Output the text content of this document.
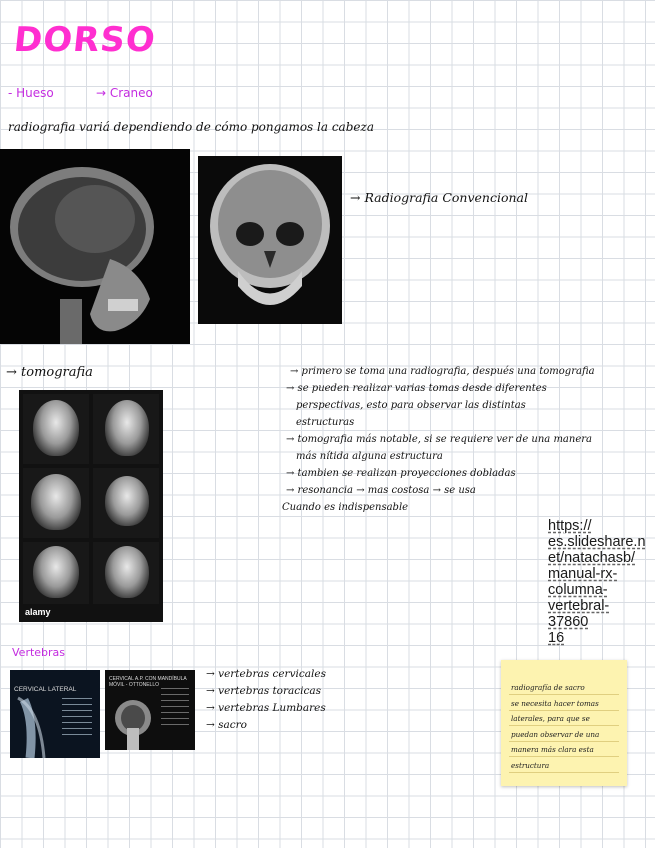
DORSO
- Hueso	→ Craneo
radiografia variá dependiendo de cómo pongamos la cabeza
→ Radiografia Convencional
→ tomografia
alamy
→ primero se toma una radiografia, después una tomografia
→ se pueden realizar varias tomas desde diferentes
perspectivas, esto para observar las distintas
estructuras
→ tomografia más notable, si se requiere ver de una manera
más nítida alguna estructura
→ tambien se realizan proyecciones dobladas
→ resonancia → mas costosa → se usa
Cuando es indispensable
https://
es.slideshare.n
et/natachasb/
manual-rx-
columna-
vertebral-37860
16
Vertebras
CERVICAL LATERAL
CERVICAL A.P. CON MANDÍBULA MÓVIL - OTTONELLO
→ vertebras cervicales
→ vertebras toracicas
→ vertebras Lumbares
→ sacro
radiografía de sacro
se necesita hacer tomas
laterales, para que se
puedan observar de una
manera más clara esta
estructura
